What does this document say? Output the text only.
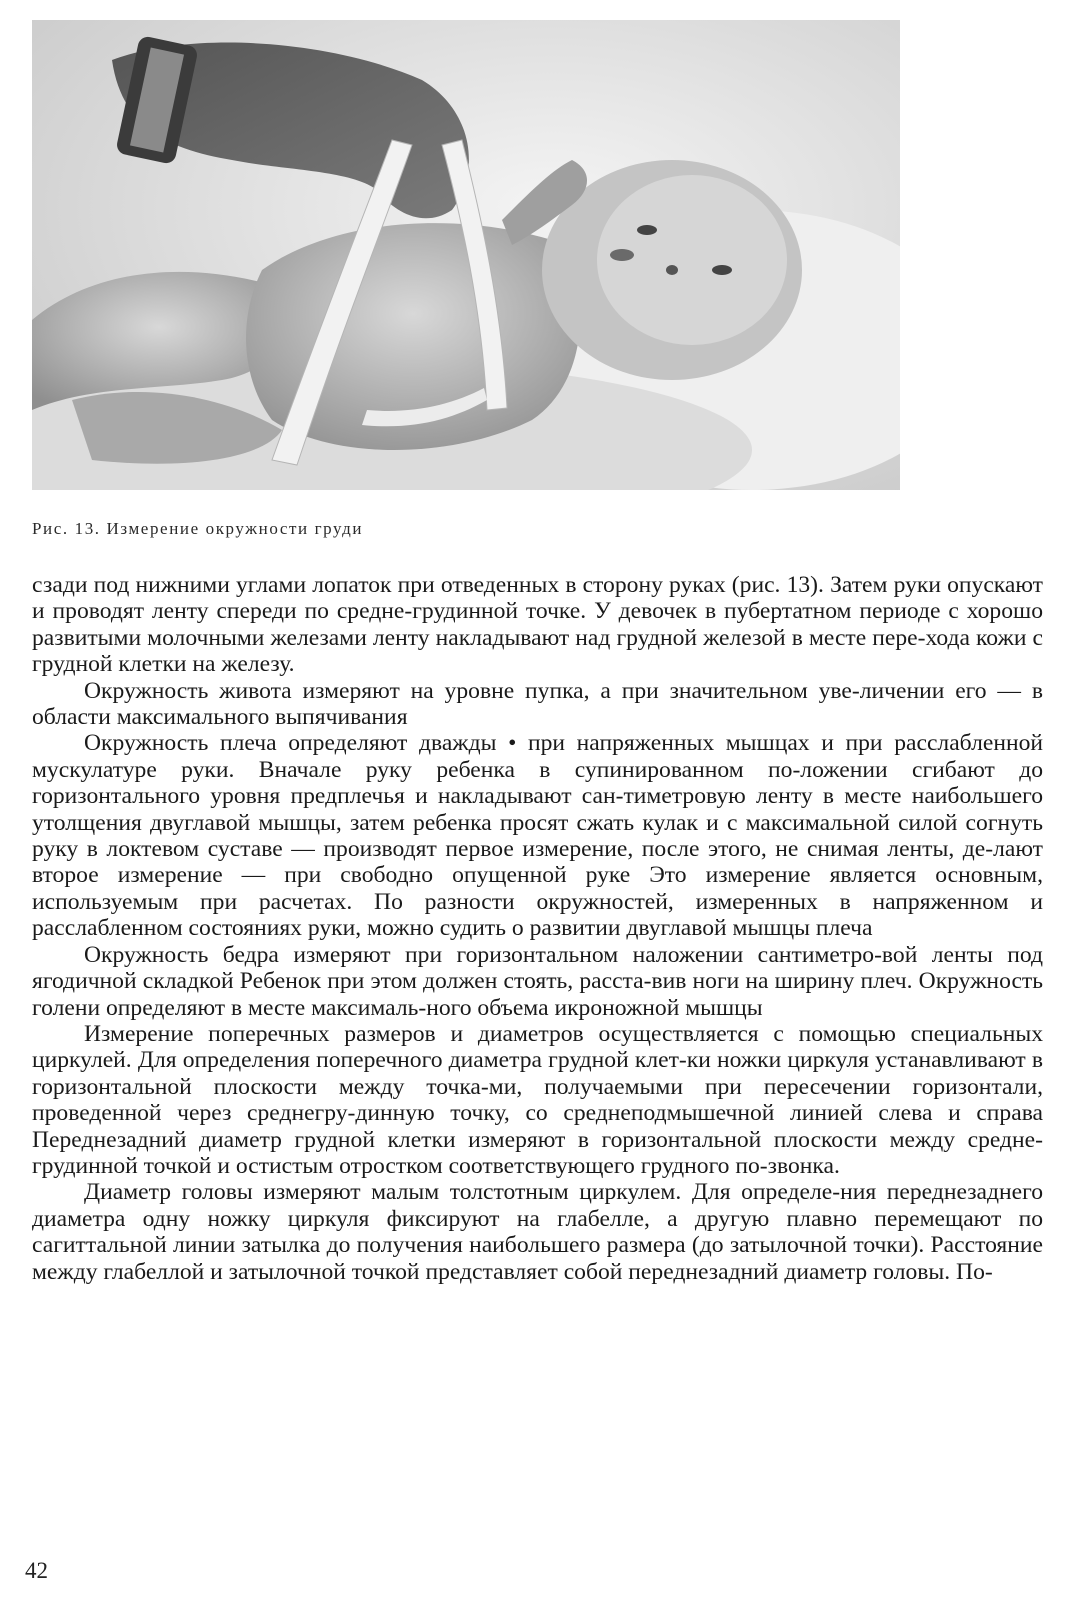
Рис. 13. Измерение окружности груди

сзади под нижними углами лопаток при отведенных в сторону руках (рис. 13). Затем руки опускают и проводят ленту спереди по средне-грудинной точке. У девочек в пубертатном периоде с хорошо развитыми молочными железами ленту накладывают над грудной железой в месте пере-хода кожи с грудной клетки на железу.

Окружность живота измеряют на уровне пупка, а при значительном уве-личении его — в области максимального выпячивания

Окружность плеча определяют дважды • при напряженных мышцах и при расслабленной мускулатуре руки. Вначале руку ребенка в супинированном по-ложении сгибают до горизонтального уровня предплечья и накладывают сан-тиметровую ленту в месте наибольшего утолщения двуглавой мышцы, затем ребенка просят сжать кулак и с максимальной силой согнуть руку в локтевом суставе — производят первое измерение, после этого, не снимая ленты, де-лают второе измерение — при свободно опущенной руке Это измерение является основным, используемым при расчетах. По разности окружностей, измеренных в напряженном и расслабленном состояниях руки, можно судить о развитии двуглавой мышцы плеча

Окружность бедра измеряют при горизонтальном наложении сантиметро-вой ленты под ягодичной складкой Ребенок при этом должен стоять, расста-вив ноги на ширину плеч. Окружность голени определяют в месте максималь-ного объема икроножной мышцы

Измерение поперечных размеров и диаметров осуществляется с помощью специальных циркулей. Для определения поперечного диаметра грудной клет-ки ножки циркуля устанавливают в горизонтальной плоскости между точка-ми, получаемыми при пересечении горизонтали, проведенной через среднегру-динную точку, со среднеподмышечной линией слева и справа Переднезадний диаметр грудной клетки измеряют в горизонтальной плоскости между средне-грудинной точкой и остистым отростком соответствующего грудного по-звонка.

Диаметр головы измеряют малым толстотным циркулем. Для определе-ния переднезаднего диаметра одну ножку циркуля фиксируют на глабелле, а другую плавно перемещают по сагиттальной линии затылка до получения наибольшего размера (до затылочной точки). Расстояние между глабеллой и затылочной точкой представляет собой переднезадний диаметр головы. По-

42
